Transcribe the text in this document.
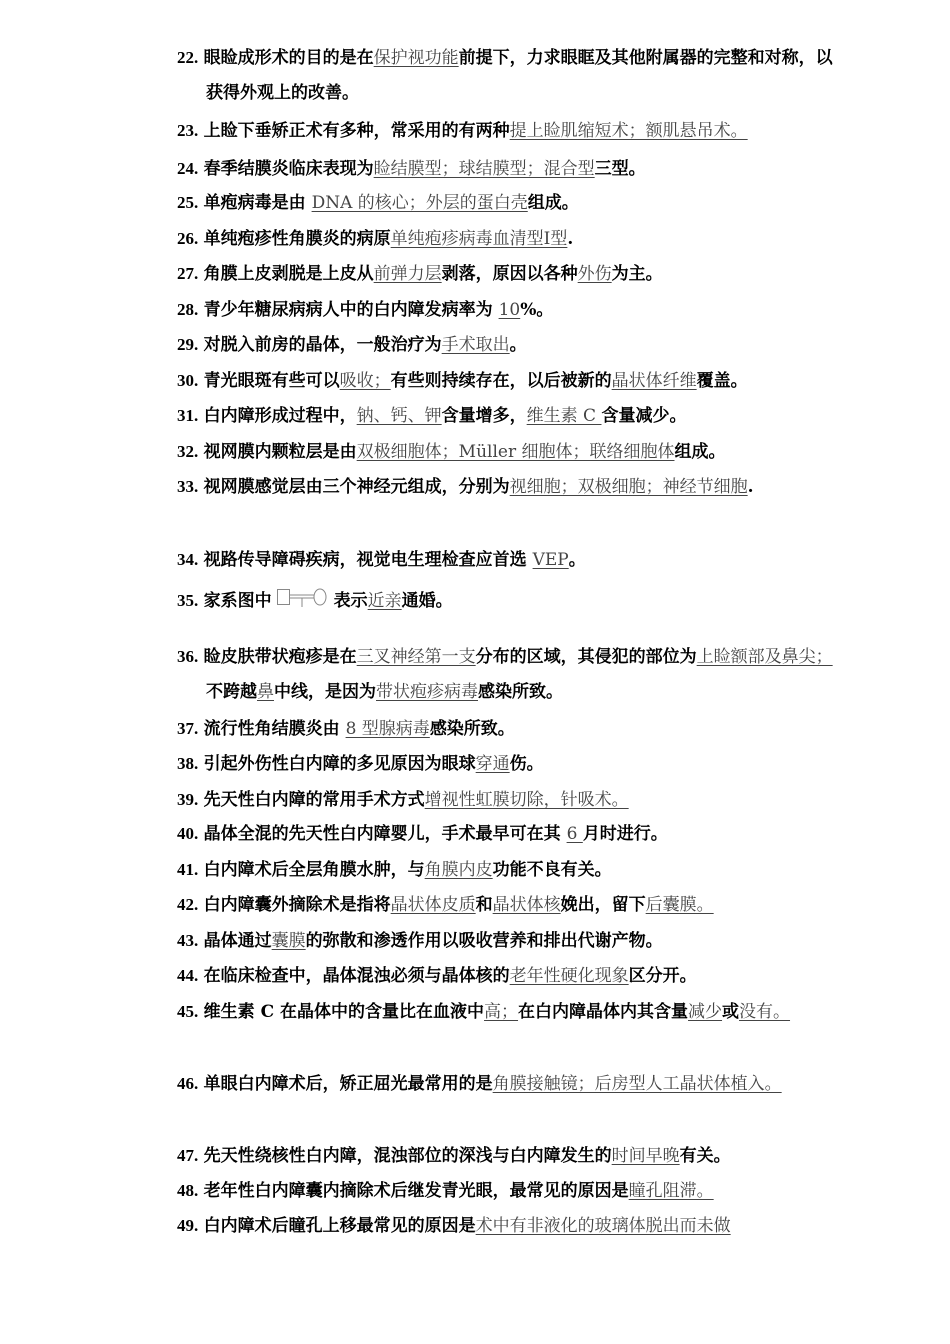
22. 眼睑成形术的目的是在保护视功能前提下，力求眼眶及其他附属器的完整和对称，以获得外观上的改善。
23. 上睑下垂矫正术有多种，常采用的有两种提上睑肌缩短术；额肌悬吊术。
24. 春季结膜炎临床表现为睑结膜型；球结膜型；混合型三型。
25. 单疱病毒是由 DNA 的核心；外层的蛋白壳组成。
26. 单纯疱疹性角膜炎的病原单纯疱疹病毒血清型Ⅰ型.
27. 角膜上皮剥脱是上皮从前弹力层剥落，原因以各种外伤为主。
28. 青少年糖尿病病人中的白内障发病率为 10%。
29. 对脱入前房的晶体，一般治疗为手术取出。
30. 青光眼斑有些可以吸收；有些则持续存在，以后被新的晶状体纤维覆盖。
31. 白内障形成过程中，钠、钙、钾含量增多，维生素 C 含量减少。
32. 视网膜内颗粒层是由双极细胞体；Müller 细胞体；联络细胞体组成。
33. 视网膜感觉层由三个神经元组成，分别为视细胞；双极细胞；神经节细胞.
34. 视路传导障碍疾病，视觉电生理检查应首选 VEP。
35. 家系图中	表示近亲通婚。
36. 睑皮肤带状疱疹是在三叉神经第一支分布的区域，其侵犯的部位为上睑额部及鼻尖；不跨越鼻中线，是因为带状疱疹病毒感染所致。
37. 流行性角结膜炎由 8 型腺病毒感染所致。
38. 引起外伤性白内障的多见原因为眼球穿通伤。
39. 先天性白内障的常用手术方式增视性虹膜切除，针吸术。
40. 晶体全混的先天性白内障婴儿，手术最早可在其 6 月时进行。
41. 白内障术后全层角膜水肿，与角膜内皮功能不良有关。
42. 白内障囊外摘除术是指将晶状体皮质和晶状体核娩出，留下后囊膜。
43. 晶体通过囊膜的弥散和渗透作用以吸收营养和排出代谢产物。
44. 在临床检查中，晶体混浊必须与晶体核的老年性硬化现象区分开。
45. 维生素 C 在晶体中的含量比在血液中高；在白内障晶体内其含量减少或没有。
46. 单眼白内障术后，矫正屈光最常用的是角膜接触镜；后房型人工晶状体植入。
47. 先天性绕核性白内障，混浊部位的深浅与白内障发生的时间早晚有关。
48. 老年性白内障囊内摘除术后继发青光眼，最常见的原因是瞳孔阻滞。
49. 白内障术后瞳孔上移最常见的原因是术中有非液化的玻璃体脱出而未做
